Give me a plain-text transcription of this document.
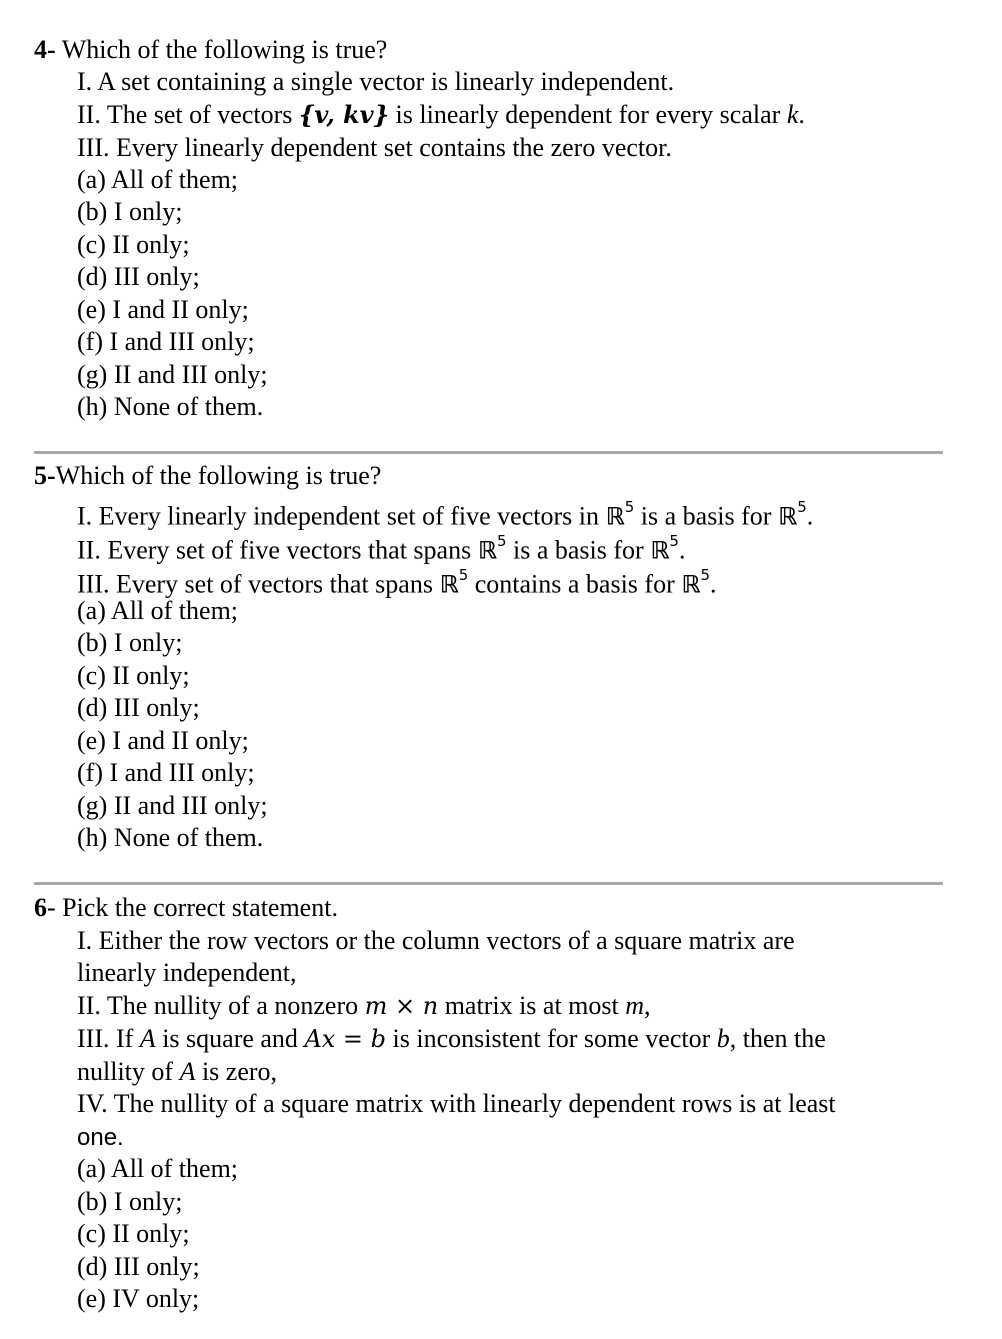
4- Which of the following is true?
I. A set containing a single vector is linearly independent.
II. The set of vectors {v, kv} is linearly dependent for every scalar k.
III. Every linearly dependent set contains the zero vector.
(a) All of them;
(b) I only;
(c) II only;
(d) III only;
(e) I and II only;
(f) I and III only;
(g) II and III only;
(h) None of them.
5-Which of the following is true?
I. Every linearly independent set of five vectors in ℝ$^5$ is a basis for ℝ$^5$.
II. Every set of five vectors that spans ℝ$^5$ is a basis for ℝ$^5$.
III. Every set of vectors that spans ℝ$^5$ contains a basis for ℝ$^5$.
(a) All of them;
(b) I only;
(c) II only;
(d) III only;
(e) I and II only;
(f) I and III only;
(g) II and III only;
(h) None of them.
6- Pick the correct statement.
I. Either the row vectors or the column vectors of a square matrix are
linearly independent,
II. The nullity of a nonzero m × n matrix is at most m,
III. If A is square and Ax = b is inconsistent for some vector b, then the
nullity of A is zero,
IV. The nullity of a square matrix with linearly dependent rows is at least
one.
(a) All of them;
(b) I only;
(c) II only;
(d) III only;
(e) IV only;
